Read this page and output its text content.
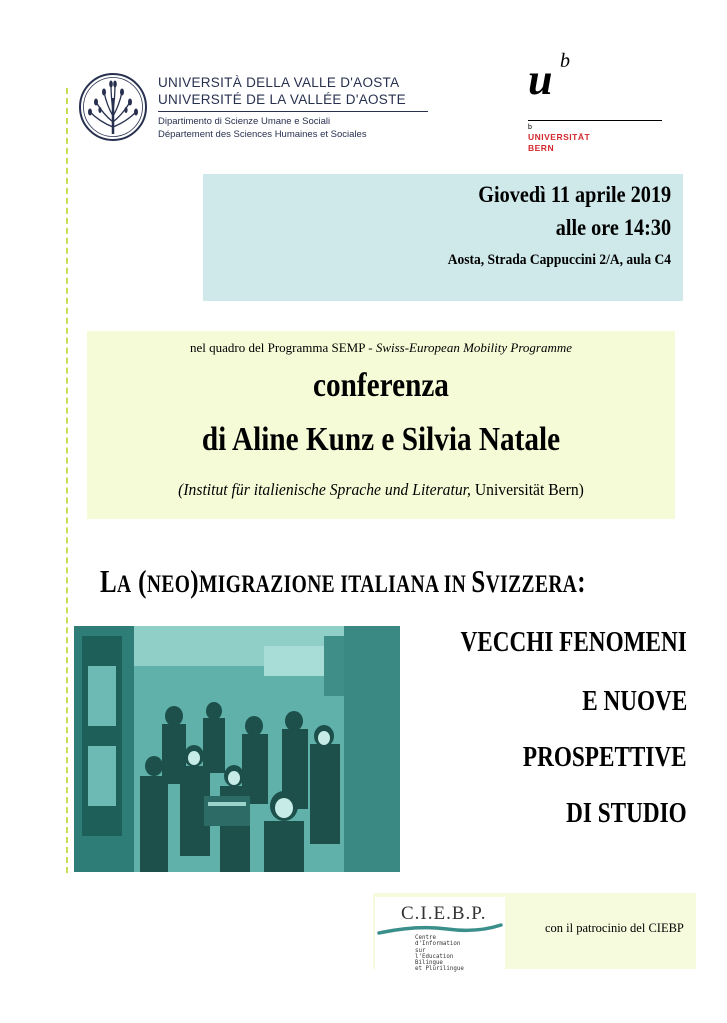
UNIVERSITÀ DELLA VALLE D'AOSTA
UNIVERSITÉ DE LA VALLÉE D'AOSTE
Dipartimento di Scienze Umane e Sociali
Département des Sciences Humaines et Sociales
u b
b
UNIVERSITÄT
BERN
Giovedì 11 aprile 2019
alle ore 14:30
Aosta, Strada Cappuccini 2/A, aula C4
nel quadro del Programma SEMP - Swiss-European Mobility Programme
conferenza
di Aline Kunz e Silvia Natale
(Institut für italienische Sprache und Literatur, Universität Bern)
LA (NEO)MIGRAZIONE ITALIANA IN SVIZZERA:
VECCHI FENOMENI
E NUOVE
PROSPETTIVE
DI STUDIO
C.I.E.B.P.
Centre
d'Information
sur
l'Education
Bilingue
et Plurilingue
con il patrocinio del CIEBP
